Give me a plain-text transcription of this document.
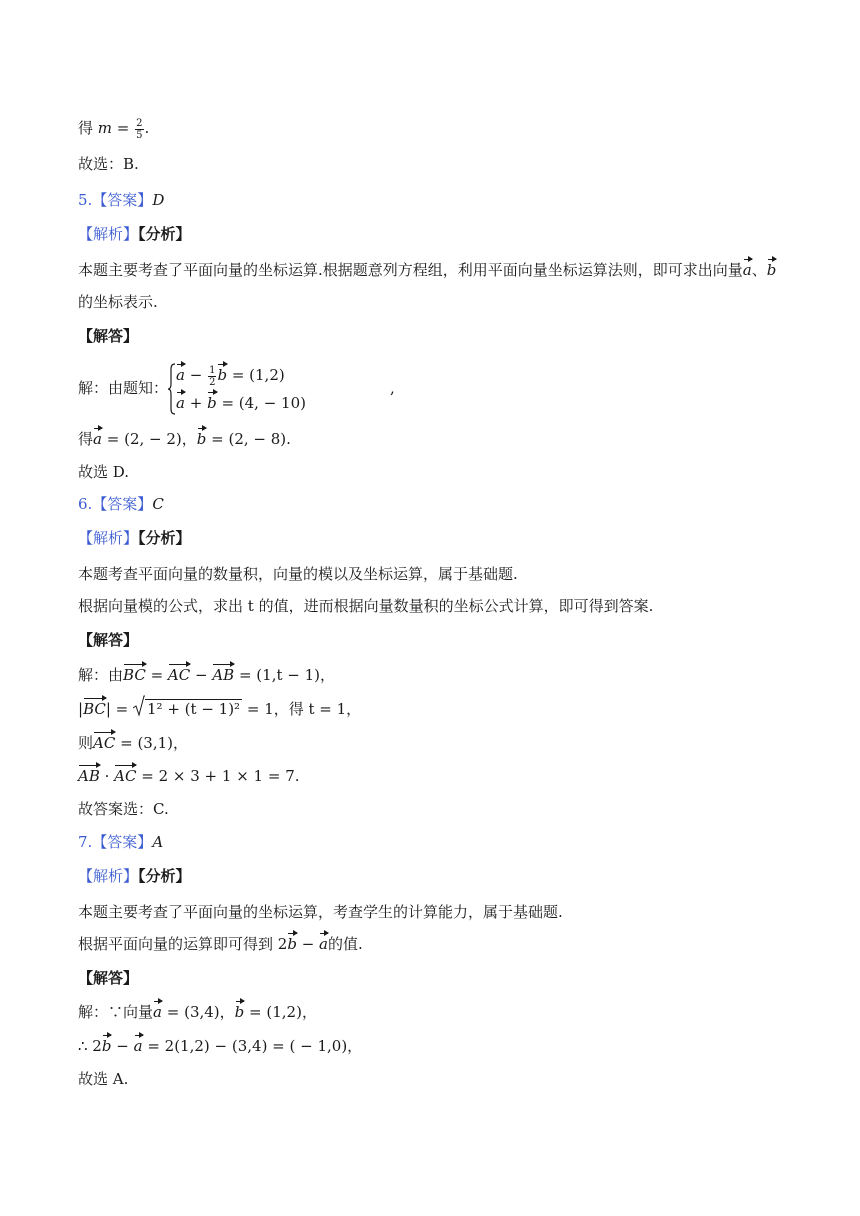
得 $m = \frac{2}{5}$ .
故选：B.
5.【答案】D
【解析】【分析】
本题主要考查了平面向量的坐标运算.根据题意列方程组，利用平面向量坐标运算法则，即可求出向量a、b
的坐标表示.
【解答】
解：由题知：
$a - \frac{1}{2}$ b = (1,2)
a + b = (4, − 10)
,
得a = (2, − 2)，b = (2, − 8).
故选 D.
6.【答案】C
【解析】【分析】
本题考查平面向量的数量积，向量的模以及坐标运算，属于基础题.
根据向量模的公式，求出 t 的值，进而根据向量数量积的坐标公式计算，即可得到答案.
【解答】
解：由BC = AC − AB = (1,t − 1)，
|BC| =
1² + (t − 1)² = 1，得 t = 1，
则AC = (3,1)，
AB · AC = 2 × 3 + 1 × 1 = 7.
故答案选：C.
7.【答案】A
【解析】【分析】
本题主要考查了平面向量的坐标运算，考查学生的计算能力，属于基础题.
根据平面向量的运算即可得到 2b − a的值.
【解答】
解：∵向量a = (3,4)，b = (1,2)，
∴ 2b − a = 2(1,2) − (3,4) = ( − 1,0)，
故选 A.
